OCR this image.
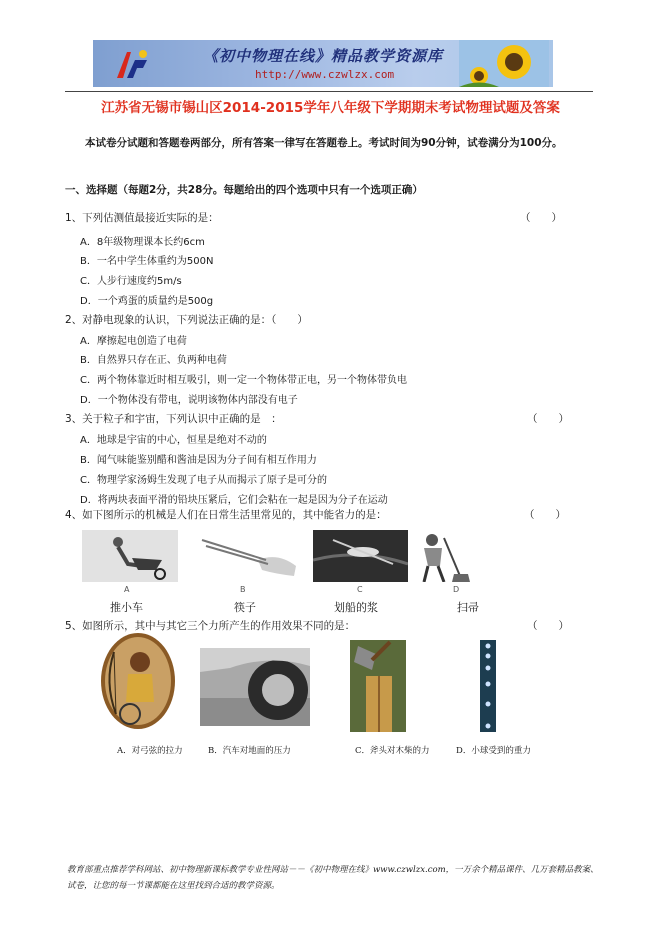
《初中物理在线》精品教学资源库
http://www.czwlzx.com
江苏省无锡市锡山区2014-2015学年八年级下学期期末考试物理试题及答案
本试卷分试题和答题卷两部分，所有答案一律写在答题卷上。考试时间为90分钟，试卷满分为100分。
一、选择题（每题2分，共28分。每题给出的四个选项中只有一个选项正确）
1、下列估测值最接近实际的是：	（　　）
A．8年级物理课本长约6cm
B．一名中学生体重约为500N
C．人步行速度约5m/s
D．一个鸡蛋的质量约是500g
2、对静电现象的认识，下列说法正确的是：（　　）
A．摩擦起电创造了电荷
B．自然界只存在正、负两种电荷
C．两个物体靠近时相互吸引，则一定一个物体带正电，另一个物体带负电
D．一个物体没有带电，说明该物体内部没有电子
3、关于粒子和宇宙，下列认识中正确的是　：	（　　）
A．地球是宇宙的中心，恒星是绝对不动的
B．闻气味能鉴别醋和酱油是因为分子间有相互作用力
C．物理学家汤姆生发现了电子从而揭示了原子是可分的
D．将两块表面平滑的铅块压紧后，它们会粘在一起是因为分子在运动
4、如下图所示的机械是人们在日常生活里常见的，其中能省力的是：	（　　）
A	B	C	D
推小车	筷子	划船的浆	扫帚
5、如图所示，其中与其它三个力所产生的作用效果不同的是：	（　　）
A．对弓弦的拉力	B．汽车对地面的压力	C．斧头对木柴的力	D．小球受到的重力
教育部重点推荐学科网站、初中物理新课标教学专业性网站－－《初中物理在线》www.czwlzx.com，一万余个精品课件、几万套精品教案、试卷，让您的每一节课都能在这里找到合适的教学资源。
